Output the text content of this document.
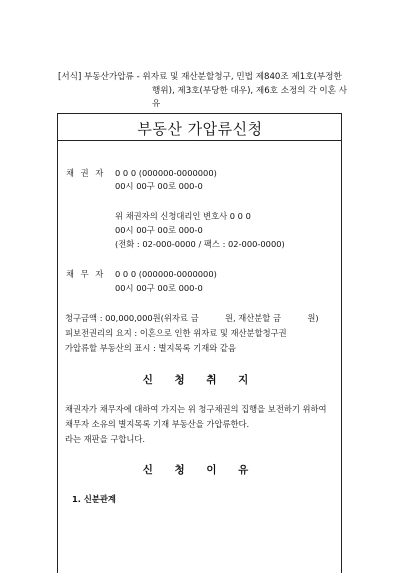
[서식] 부동산가압류 - 위자료 및 재산분할청구, 민법 제840조 제1호(부정한
행위), 제3호(부당한 대우), 제6호 소정의 각 이혼 사
유
부동산 가압류신청
채 권 자 0 0 0 (000000-0000000)
00시 00구 00로 000-0
위 채권자의 신청대리인 변호사 0 0 0
00시 00구 00로 000-0
(전화 : 02-000-0000 / 팩스 : 02-000-0000)
채 무 자 0 0 0 (000000-0000000)
00시 00구 00로 000-0
청구금액 : 00,000,000원(위자료 금          원, 재산분할 금          원)
피보전권리의 요지 : 이혼으로 인한 위자료 및 재산분할청구권
가압류할 부동산의 표시 : 별지목록 기재와 같음
신 청 취 지
채권자가 채무자에 대하여 가지는 위 청구채권의 집행을 보전하기 위하여
채무자 소유의 별지목록 기재 부동산을 가압류한다.
라는 재판을 구합니다.
신 청 이 유
1. 신분관계
